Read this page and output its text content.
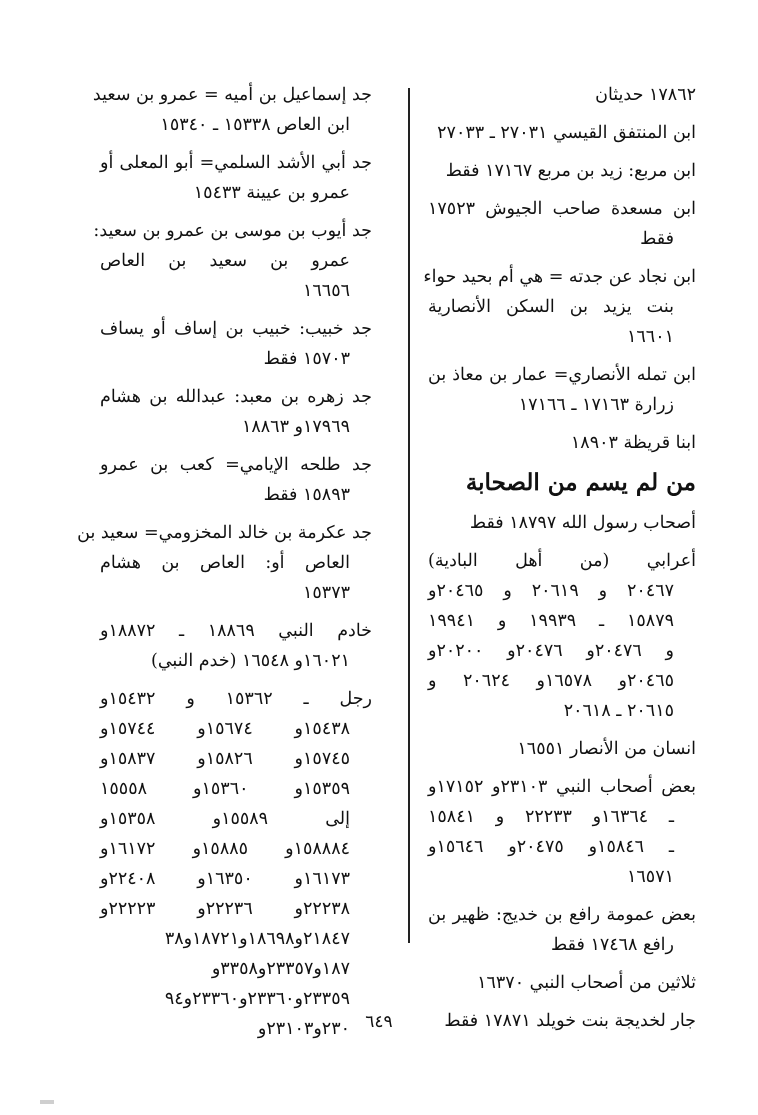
١٧٨٦٢ حديثان
ابن المنتفق القيسي ٢٧٠٣١ ـ ٢٧٠٣٣
ابن مربع: زيد بن مربع ١٧١٦٧ فقط
ابن مسعدة صاحب الجيوش ١٧٥٢٣
فقط
ابن نجاد عن جدته = هي أم بحيد حواء
بنت يزيد بن السكن الأنصارية
١٦٦٠١
ابن تمله الأنصاري= عمار بن معاذ بن
زرارة ١٧١٦٣ ـ ١٧١٦٦
ابنا قريظة ١٨٩٠٣
من لم يسم من الصحابة
أصحاب رسول الله ١٨٧٩٧ فقط
أعرابي (من أهل البادية)
٢٠٤٦٧ و ٢٠٦١٩ و ٢٠٤٦٥و
١٥٨٧٩ ـ ١٩٩٣٩ و ١٩٩٤١
و ٢٠٤٧٦و ٢٠٤٧٦و ٢٠٢٠٠و
٢٠٤٦٥و ١٦٥٧٨و ٢٠٦٢٤ و
٢٠٦١٥ ـ ٢٠٦١٨
انسان من الأنصار ١٦٥٥١
بعض أصحاب النبي ٢٣١٠٣و ١٧١٥٢و
ـ ١٦٣٦٤و ٢٢٢٣٣ و ١٥٨٤١
ـ ١٥٨٤٦و ٢٠٤٧٥و ١٥٦٤٦و
١٦٥٧١
بعض عمومة رافع بن خديج: ظهير بن
رافع ١٧٤٦٨ فقط
ثلاثين من أصحاب النبي ١٦٣٧٠
جار لخديجة بنت خويلد ١٧٨٧١ فقط
جد إسماعيل بن أميه = عمرو بن سعيد
ابن العاص ١٥٣٣٨ ـ ١٥٣٤٠
جد أبي الأشد السلمي= أبو المعلى أو
عمرو بن عيينة ١٥٤٣٣
جد أيوب بن موسى بن عمرو بن سعيد:
عمرو بن سعيد بن العاص
١٦٦٥٦
جد خبيب: خبيب بن إساف أو يساف
١٥٧٠٣ فقط
جد زهره بن معبد: عبدالله بن هشام
١٧٩٦٩و ١٨٨٦٣
جد طلحه الإيامي= كعب بن عمرو
١٥٨٩٣ فقط
جد عكرمة بن خالد المخزومي= سعيد بن
العاص أو: العاص بن هشام
١٥٣٧٣
خادم النبي ١٨٨٦٩ ـ ١٨٨٧٢و
١٦٠٢١و ١٦٥٤٨ (خدم النبي)
رجل ـ ١٥٣٦٢ و ١٥٤٣٢و
١٥٤٣٨و ١٥٦٧٤و ١٥٧٤٤و
١٥٧٤٥و ١٥٨٢٦و ١٥٨٣٧و
١٥٣٥٩و ١٥٣٦٠و ١٥٥٥٨
إلى ١٥٥٨٩و ١٥٣٥٨و
١٥٨٨٨٤و ١٥٨٨٥و ١٦١٧٢و
١٦١٧٣و ١٦٣٥٠و ٢٢٤٠٨و
٢٢٢٣٨و ٢٢٢٣٦و ٢٢٢٢٣و
٢١٨٤٧و١٨٦٩٨و١٨٧٢١و٣٨
١٨٧و٢٣٣٥٧و٣٣٥٨و
٢٣٣٥٩و٢٣٣٦٠و٢٣٣٦٠و٩٤
٢٣٠و٢٣١٠٣و ٦٤٩
